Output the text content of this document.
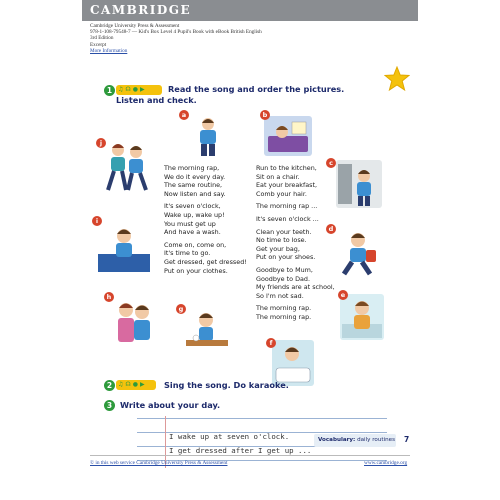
CAMBRIDGE
Cambridge University Press & Assessment
978-1-108-79548-7 — Kid's Box Level 4 Pupil's Book with eBook British English
3rd Edition
Excerpt
More Information
1 ♫ ☊ ● ▶	Read the song and order the pictures.
Listen and check.

The morning rap,
We do it every day.
The same routine,
Now listen and say.

It's seven o'clock,
Wake up, wake up!
You must get up
And have a wash.

Come on, come on,
It's time to go.
Get dressed, get dressed!
Put on your clothes.

Run to the kitchen,
Sit on a chair.
Eat your breakfast,
Comb your hair.

The morning rap ...

It's seven o'clock ...

Clean your teeth.
No time to lose.
Get your bag,
Put on your shoes.

Goodbye to Mum,
Goodbye to Dad.
My friends are at school,
So I'm not sad.

The morning rap.
The morning rap.

a	b
c
d
e
f
g
h
i
j
2 ♫ ☊ ● ▶ Sing the song. Do karaoke.
3 Write about your day.
I wake up at seven o'clock.
I get dressed after I get up ...
Vocabulary: daily routines 7
© in this web service Cambridge University Press & Assessment	www.cambridge.org
